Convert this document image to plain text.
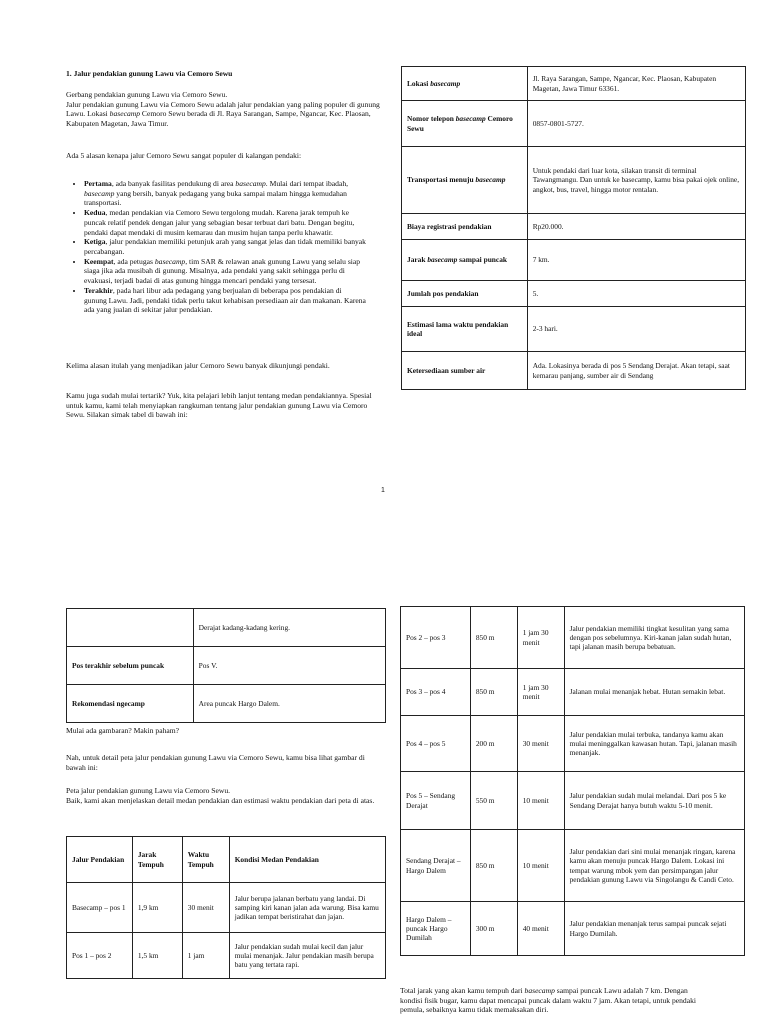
1. Jalur pendakian gunung Lawu via Cemoro Sewu

Gerbang pendakian gunung Lawu via Cemoro Sewu.

Jalur pendakian gunung Lawu via Cemoro Sewu adalah jalur pendakian yang paling populer di gunung Lawu. Lokasi basecamp Cemoro Sewu berada di Jl. Raya Sarangan, Sampe, Ngancar, Kec. Plaosan, Kabupaten Magetan, Jawa Timur.

Ada 5 alasan kenapa jalur Cemoro Sewu sangat populer di kalangan pendaki:
• Pertama, ada banyak fasilitas pendukung di area basecamp. Mulai dari tempat ibadah, basecamp yang bersih, banyak pedagang yang buka sampai malam hingga kemudahan transportasi.
• Kedua, medan pendakian via Cemoro Sewu tergolong mudah. Karena jarak tempuh ke puncak relatif pendek dengan jalur yang sebagian besar terbuat dari batu. Dengan begitu, pendaki dapat mendaki di musim kemarau dan musim hujan tanpa perlu khawatir.
• Ketiga, jalur pendakian memiliki petunjuk arah yang sangat jelas dan tidak memiliki banyak percabangan.
• Keempat, ada petugas basecamp, tim SAR & relawan anak gunung Lawu yang selalu siap siaga jika ada musibah di gunung. Misalnya, ada pendaki yang sakit sehingga perlu di evakuasi, terjadi badai di atas gunung hingga mencari pendaki yang tersesat.
• Terakhir, pada hari libur ada pedagang yang berjualan di beberapa pos pendakian di gunung Lawu. Jadi, pendaki tidak perlu takut kehabisan persediaan air dan makanan. Karena ada yang jualan di sekitar jalur pendakian.
Kelima alasan itulah yang menjadikan jalur Cemoro Sewu banyak dikunjungi pendaki.
Kamu juga sudah mulai tertarik? Yuk, kita pelajari lebih lanjut tentang medan pendakiannya. Spesial untuk kamu, kami telah menyiapkan rangkuman tentang jalur pendakian gunung Lawu via Cemoro Sewu. Silakan simak tabel di bawah ini:
Lokasi basecamp	Jl. Raya Sarangan, Sampe, Ngancar, Kec. Plaosan, Kabupaten Magetan, Jawa Timur 63361.
Nomor telepon basecamp Cemoro Sewu	0857-0801-5727.
Transportasi menuju basecamp	Untuk pendaki dari luar kota, silakan transit di terminal Tawangmangu. Dan untuk ke basecamp, kamu bisa pakai ojek online, angkot, bus, travel, hingga motor rentalan.
Biaya registrasi pendakian	Rp20.000.
Jarak basecamp sampai puncak	7 km.
Jumlah pos pendakian	5.
Estimasi lama waktu pendakian ideal	2-3 hari.
Ketersediaan sumber air	Ada. Lokasinya berada di pos 5 Sendang Derajat. Akan tetapi, saat kemarau panjang, sumber air di Sendang
1
	Derajat kadang-kadang kering.
Pos terakhir sebelum puncak	Pos V.
Rekomendasi ngecamp	Area puncak Hargo Dalem.
Mulai ada gambaran? Makin paham?
Nah, untuk detail peta jalur pendakian gunung Lawu via Cemoro Sewu, kamu bisa lihat gambar di bawah ini:
Peta jalur pendakian gunung Lawu via Cemoro Sewu.
Baik, kami akan menjelaskan detail medan pendakian dan estimasi waktu pendakian dari peta di atas.
Jalur Pendakian	Jarak Tempuh	Waktu Tempuh	Kondisi Medan Pendakian
Basecamp – pos 1	1,9 km	30 menit	Jalur berupa jalanan berbatu yang landai. Di samping kiri kanan jalan ada warung. Bisa kamu jadikan tempat beristirahat dan jajan.
Pos 1 – pos 2	1,5 km	1 jam	Jalur pendakian sudah mulai kecil dan jalur mulai menanjak. Jalur pendakian masih berupa batu yang tertata rapi.
Pos 2 – pos 3	850 m	1 jam 30 menit	Jalur pendakian memiliki tingkat kesulitan yang sama dengan pos sebelumnya. Kiri-kanan jalan sudah hutan, tapi jalanan masih berupa bebatuan.
Pos 3 – pos 4	850 m	1 jam 30 menit	Jalanan mulai menanjak hebat. Hutan semakin lebat.
Pos 4 – pos 5	200 m	30 menit	Jalur pendakian mulai terbuka, tandanya kamu akan mulai meninggalkan kawasan hutan. Tapi, jalanan masih menanjak.
Pos 5 – Sendang Derajat	550 m	10 menit	Jalur pendakian sudah mulai melandai. Dari pos 5 ke Sendang Derajat hanya butuh waktu 5-10 menit.
Sendang Derajat – Hargo Dalem	850 m	10 menit	Jalur pendakian dari sini mulai menanjak ringan, karena kamu akan menuju puncak Hargo Dalem. Lokasi ini tempat warung mbok yem dan persimpangan jalur pendakian gunung Lawu via Singolangu & Candi Ceto.
Hargo Dalem – puncak Hargo Dumilah	300 m	40 menit	Jalur pendakian menanjak terus sampai puncak sejati Hargo Dumilah.
Total jarak yang akan kamu tempuh dari basecamp sampai puncak Lawu adalah 7 km. Dengan kondisi fisik bugar, kamu dapat mencapai puncak dalam waktu 7 jam. Akan tetapi, untuk pendaki pemula, sebaiknya kamu tidak memaksakan diri.
